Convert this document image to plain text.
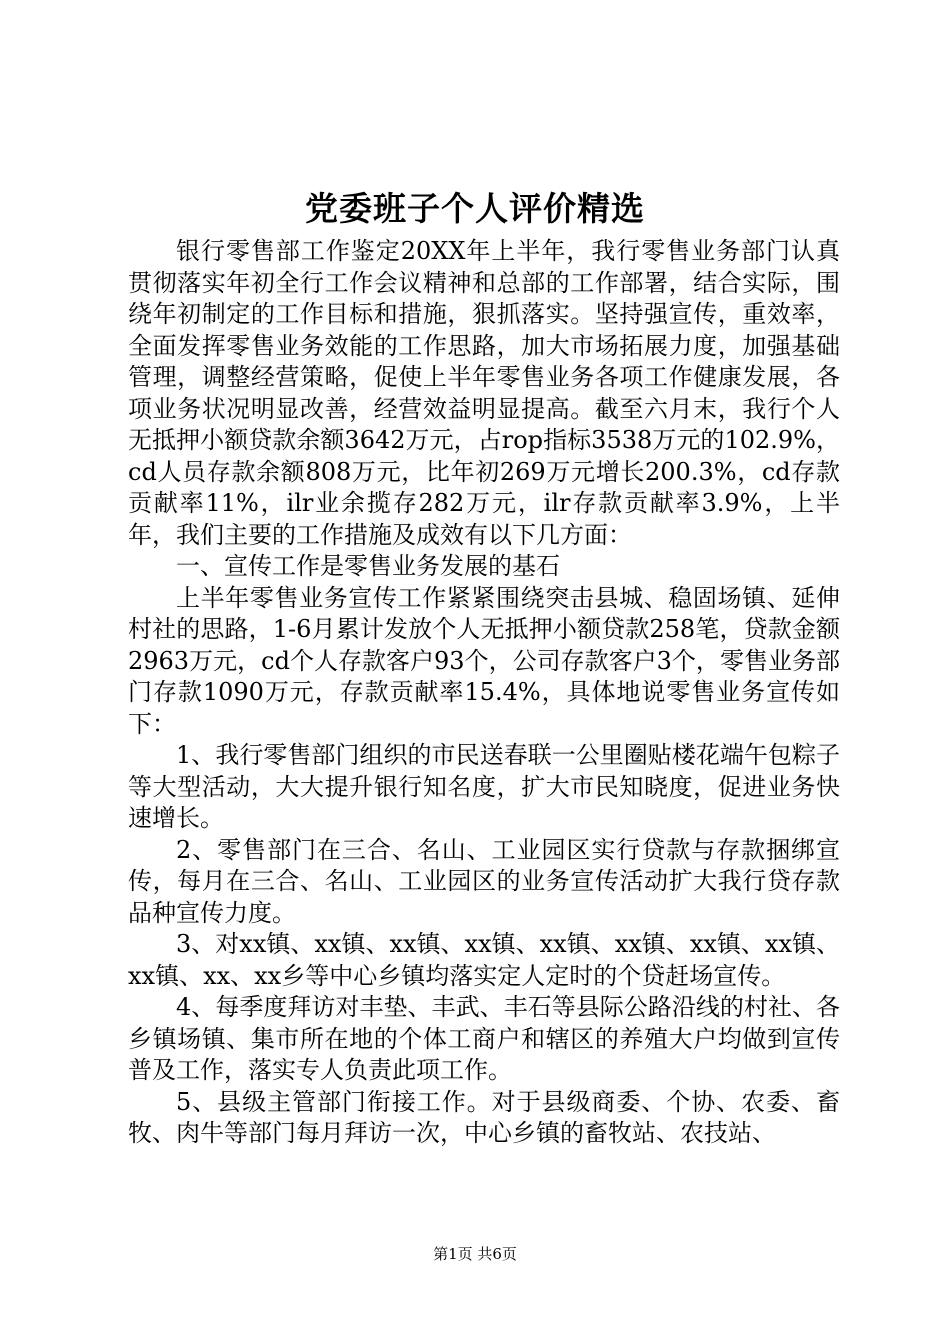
党委班子个人评价精选

银行零售部工作鉴定20XX年上半年，我行零售业务部门认真贯彻落实年初全行工作会议精神和总部的工作部署，结合实际，围绕年初制定的工作目标和措施，狠抓落实。坚持强宣传，重效率，全面发挥零售业务效能的工作思路，加大市场拓展力度，加强基础管理，调整经营策略，促使上半年零售业务各项工作健康发展，各项业务状况明显改善，经营效益明显提高。截至六月末，我行个人无抵押小额贷款余额3642万元，占rop指标3538万元的102.9%，cd人员存款余额808万元，比年初269万元增长200.3%，cd存款贡献率11%，ilr业余揽存282万元，ilr存款贡献率3.9%，上半年，我们主要的工作措施及成效有以下几方面：

一、宣传工作是零售业务发展的基石

上半年零售业务宣传工作紧紧围绕突击县城、稳固场镇、延伸村社的思路，1-6月累计发放个人无抵押小额贷款258笔，贷款金额2963万元，cd个人存款客户93个，公司存款客户3个，零售业务部门存款1090万元，存款贡献率15.4%，具体地说零售业务宣传如下：

1、我行零售部门组织的市民送春联一公里圈贴楼花端午包粽子等大型活动，大大提升银行知名度，扩大市民知晓度，促进业务快速增长。

2、零售部门在三合、名山、工业园区实行贷款与存款捆绑宣传，每月在三合、名山、工业园区的业务宣传活动扩大我行贷存款品种宣传力度。

3、对xx镇、xx镇、xx镇、xx镇、xx镇、xx镇、xx镇、xx镇、xx镇、xx、xx乡等中心乡镇均落实定人定时的个贷赶场宣传。

4、每季度拜访对丰垫、丰武、丰石等县际公路沿线的村社、各乡镇场镇、集市所在地的个体工商户和辖区的养殖大户均做到宣传普及工作，落实专人负责此项工作。

5、县级主管部门衔接工作。对于县级商委、个协、农委、畜牧、肉牛等部门每月拜访一次，中心乡镇的畜牧站、农技站、

第1页 共6页
